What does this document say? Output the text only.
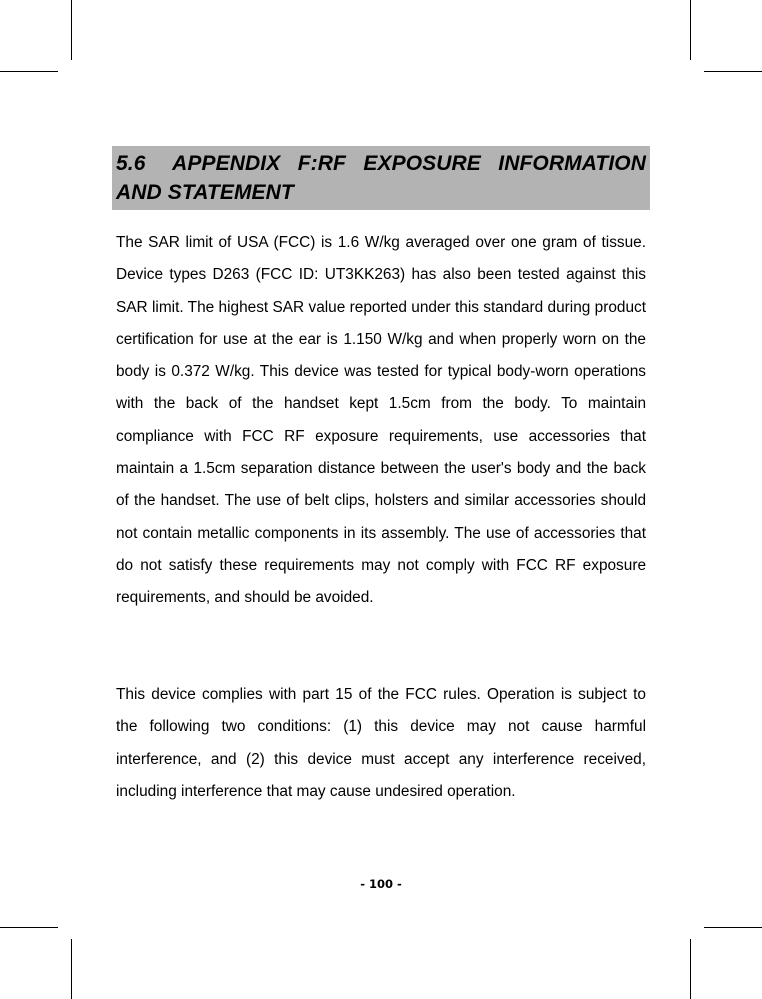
5.6 APPENDIX F:RF EXPOSURE INFORMATION AND STATEMENT

The SAR limit of USA (FCC) is 1.6 W/kg averaged over one gram of tissue. Device types D263 (FCC ID: UT3KK263) has also been tested against this SAR limit. The highest SAR value reported under this standard during product certification for use at the ear is 1.150 W/kg and when properly worn on the body is 0.372 W/kg. This device was tested for typical body-worn operations with the back of the handset kept 1.5cm from the body. To maintain compliance with FCC RF exposure requirements, use accessories that maintain a 1.5cm separation distance between the user's body and the back of the handset. The use of belt clips, holsters and similar accessories should not contain metallic components in its assembly. The use of accessories that do not satisfy these requirements may not comply with FCC RF exposure requirements, and should be avoided.

This device complies with part 15 of the FCC rules. Operation is subject to the following two conditions: (1) this device may not cause harmful interference, and (2) this device must accept any interference received, including interference that may cause undesired operation.

- 100 -
